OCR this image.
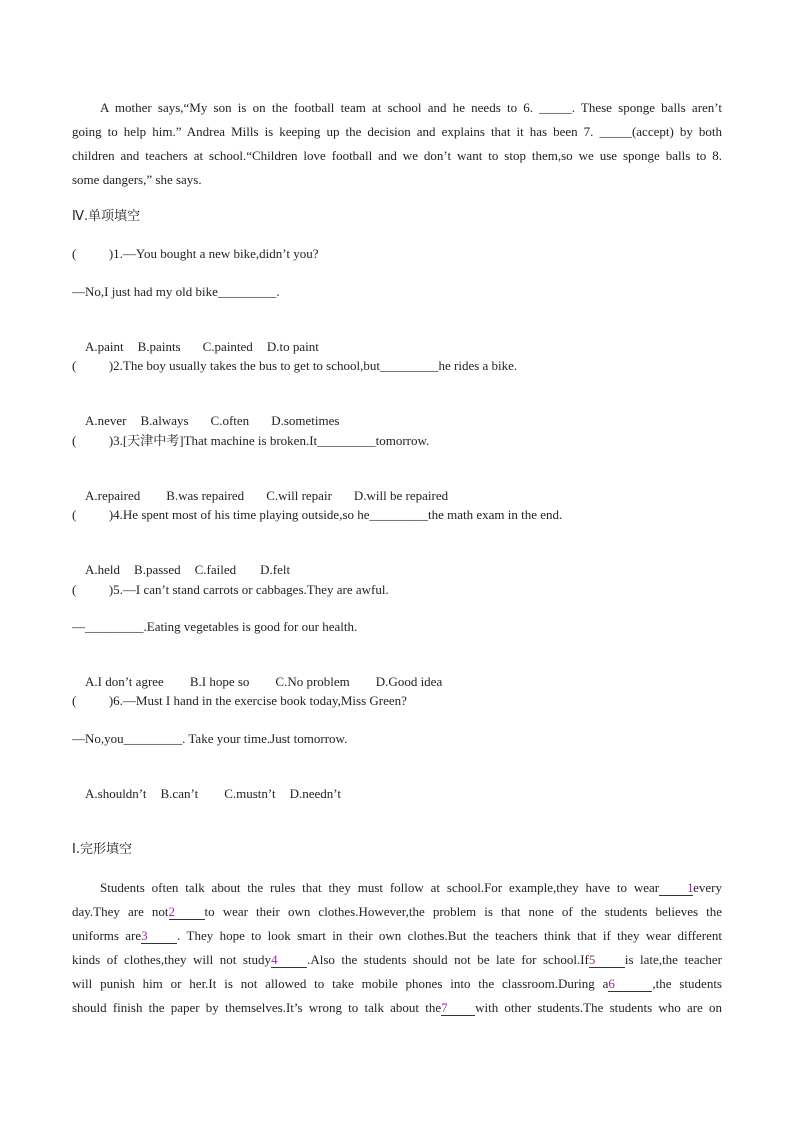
A mother says,“My son is on the football team at school and he needs to 6. _____. These sponge balls aren’t
going to help him.” Andrea Mills is keeping up the decision and explains that it has been 7. _____(accept) by both
children and teachers at school.“Children love football and we don’t want to stop them,so we use sponge balls to 8.
some dangers,” she says.
Ⅳ.单项填空
(          )1.—You bought a new bike,didn’t you?
—No,I just had my old bike_________.

A.paint B.paints C.painted D.to paint

(          )2.The boy usually takes the bus to get to school,but_________he rides a bike.

A.never B.always C.often D.sometimes

(          )3.[天津中考]That machine is broken.It_________tomorrow.

A.repaired B.was repaired C.will repair D.will be repaired

(          )4.He spent most of his time playing outside,so he_________the math exam in the end.

A.held B.passed C.failed D.felt

(          )5.—I can’t stand carrots or cabbages.They are awful.
—_________.Eating vegetables is good for our health.

A.I don’t agree B.I hope so C.No problem D.Good idea

(          )6.—Must I hand in the exercise book today,Miss Green?
—No,you_________. Take your time.Just tomorrow.

A.shouldn’t B.can’t C.mustn’t D.needn’t

Ⅰ.完形填空
Students often talk about the rules that they must follow at school.For example,they have to wear 1every
day.They are not2 to wear their own clothes.However,the problem is that none of the students believes the
uniforms are3 . They hope to look smart in their own clothes.But the teachers think that if they wear different
kinds of clothes,they will not study4 .Also the students should not be late for school.If5 is late,the teacher
will punish him or her.It is not allowed to take mobile phones into the classroom.During a6	,the students
should finish the paper by themselves.It’s wrong to talk about the7 with other students.The students who are on
